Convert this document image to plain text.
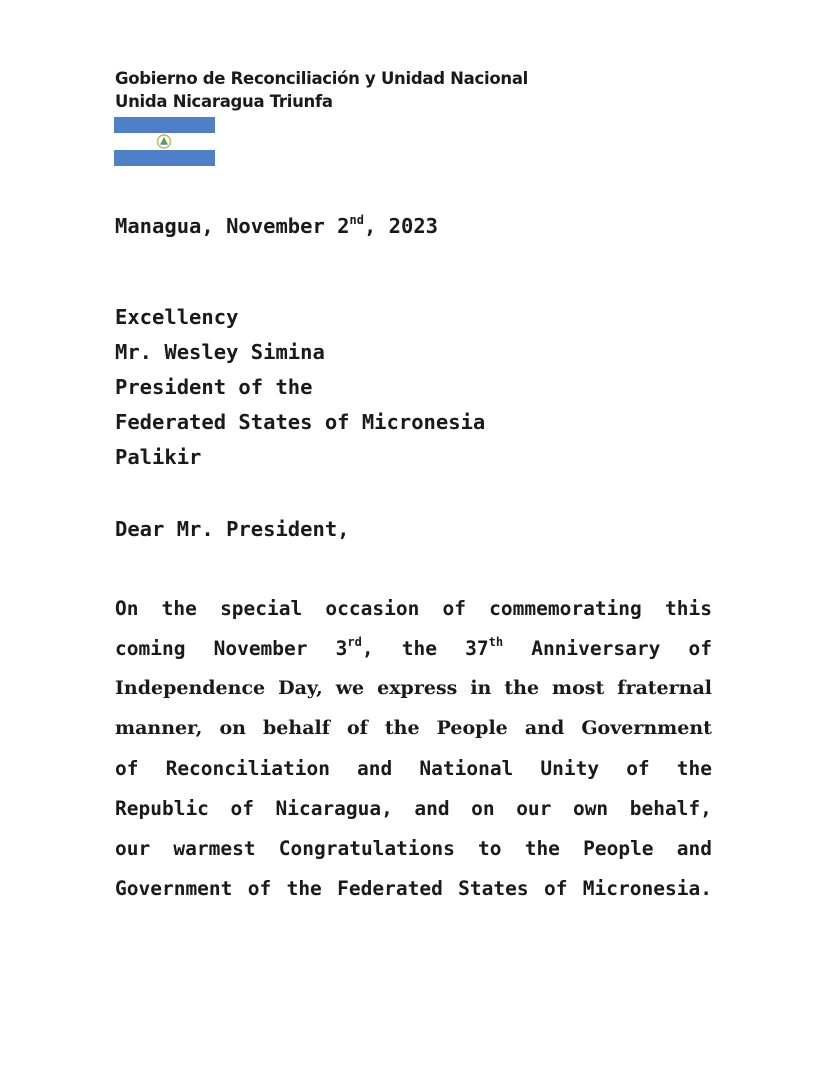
Gobierno de Reconciliación y Unidad Nacional
Unida Nicaragua Triunfa
Managua, November 2nd, 2023
Excellency
Mr. Wesley Simina
President of the
Federated States of Micronesia
Palikir
Dear Mr. President,
On the special occasion of commemorating this
coming November 3rd, the 37th Anniversary of
Independence Day, we express in the most fraternal
manner, on behalf of the People and Government
of Reconciliation and National Unity of the
Republic of Nicaragua, and on our own behalf,
our warmest Congratulations to the People and
Government of the Federated States of Micronesia.
